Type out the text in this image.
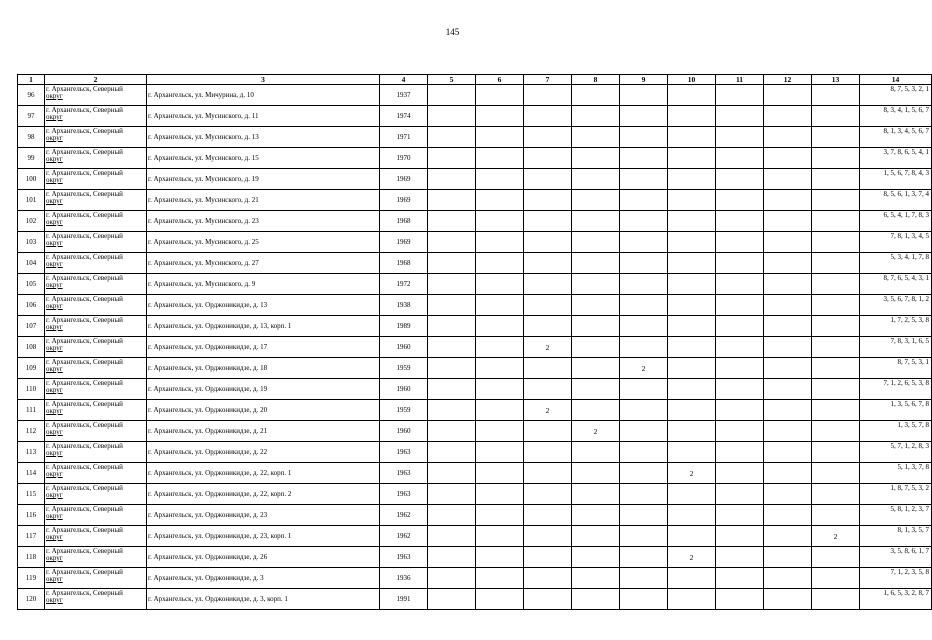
145
1	2	3	4	5	6	7	8	9	10	11	12	13	14
96	г. Архангельск, Северный
округ	г. Архангельск, ул. Мичурина, д. 10	1937										8, 7, 5, 3, 2, 1
97	г. Архангельск, Северный
округ	г. Архангельск, ул. Мусинского, д. 11	1974										8, 3, 4, 1, 5, 6, 7
98	г. Архангельск, Северный
округ	г. Архангельск, ул. Мусинского, д. 13	1971										8, 1, 3, 4, 5, 6, 7
99	г. Архангельск, Северный
округ	г. Архангельск, ул. Мусинского, д. 15	1970										3, 7, 8, 6, 5, 4, 1
100	г. Архангельск, Северный
округ	г. Архангельск, ул. Мусинского, д. 19	1969										1, 5, 6, 7, 8, 4, 3
101	г. Архангельск, Северный
округ	г. Архангельск, ул. Мусинского, д. 21	1969										8, 5, 6, 1, 3, 7, 4
102	г. Архангельск, Северный
округ	г. Архангельск, ул. Мусинского, д. 23	1968										6, 5, 4, 1, 7, 8, 3
103	г. Архангельск, Северный
округ	г. Архангельск, ул. Мусинского, д. 25	1969										7, 8, 1, 3, 4, 5
104	г. Архангельск, Северный
округ	г. Архангельск, ул. Мусинского, д. 27	1968										5, 3, 4, 1, 7, 8
105	г. Архангельск, Северный
округ	г. Архангельск, ул. Мусинского, д. 9	1972										8, 7, 6, 5, 4, 3, 1
106	г. Архангельск, Северный
округ	г. Архангельск, ул. Орджоникидзе, д. 13	1938										3, 5, 6, 7, 8, 1, 2
107	г. Архангельск, Северный
округ	г. Архангельск, ул. Орджоникидзе, д. 13, корп. 1	1989										1, 7, 2, 5, 3, 8
108	г. Архангельск, Северный
округ	г. Архангельск, ул. Орджоникидзе, д. 17	1960			2							7, 8, 3, 1, 6, 5
109	г. Архангельск, Северный
округ	г. Архангельск, ул. Орджоникидзе, д. 18	1959					2					8, 7, 5, 3, 1
110	г. Архангельск, Северный
округ	г. Архангельск, ул. Орджоникидзе, д. 19	1960										7, 1, 2, 6, 5, 3, 8
111	г. Архангельск, Северный
округ	г. Архангельск, ул. Орджоникидзе, д. 20	1959			2							1, 3, 5, 6, 7, 8
112	г. Архангельск, Северный
округ	г. Архангельск, ул. Орджоникидзе, д. 21	1960				2						1, 3, 5, 7, 8
113	г. Архангельск, Северный
округ	г. Архангельск, ул. Орджоникидзе, д. 22	1963										5, 7, 1, 2, 8, 3
114	г. Архангельск, Северный
округ	г. Архангельск, ул. Орджоникидзе, д. 22, корп. 1	1963						2				5, 1, 3, 7, 8
115	г. Архангельск, Северный
округ	г. Архангельск, ул. Орджоникидзе, д. 22, корп. 2	1963										1, 8, 7, 5, 3, 2
116	г. Архангельск, Северный
округ	г. Архангельск, ул. Орджоникидзе, д. 23	1962										5, 8, 1, 2, 3, 7
117	г. Архангельск, Северный
округ	г. Архангельск, ул. Орджоникидзе, д. 23, корп. 1	1962									2	8, 1, 3, 5, 7
118	г. Архангельск, Северный
округ	г. Архангельск, ул. Орджоникидзе, д. 26	1963						2				3, 5, 8, 6, 1, 7
119	г. Архангельск, Северный
округ	г. Архангельск, ул. Орджоникидзе, д. 3	1936										7, 1, 2, 3, 5, 8
120	г. Архангельск, Северный
округ	г. Архангельск, ул. Орджоникидзе, д. 3, корп. 1	1991										1, 6, 5, 3, 2, 8, 7
